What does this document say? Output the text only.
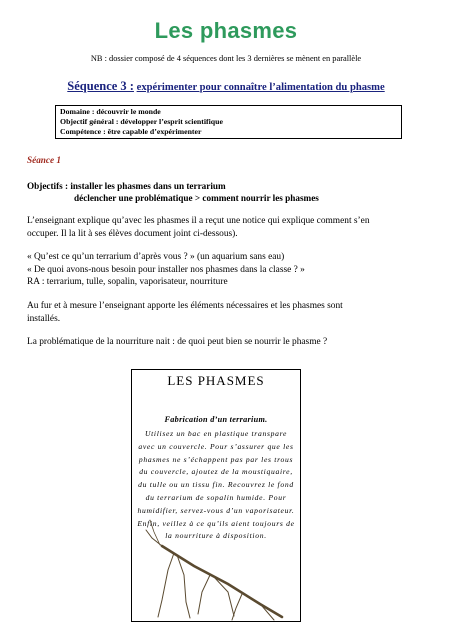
Les phasmes
NB : dossier composé de 4 séquences dont les 3 dernières se mènent en parallèle
Séquence 3 : expérimenter pour connaître l’alimentation du phasme
Domaine : découvrir le monde
Objectif général : développer l’esprit scientifique
Compétence : être capable d’expérimenter
Séance 1
Objectifs : installer les phasmes dans un terrarium
déclencher une problématique > comment nourrir les phasmes
L’enseignant explique qu’avec les phasmes il a reçut une notice qui explique comment s’en
occuper. Il la lit à ses élèves document joint ci-dessous).
« Qu’est ce qu’un terrarium d’après vous ? » (un aquarium sans eau)
« De quoi avons-nous besoin pour installer nos phasmes dans la classe ? »
RA : terrarium, tulle, sopalin, vaporisateur, nourriture
Au fur et à mesure l’enseignant apporte les éléments nécessaires et les phasmes sont
installés.
La problématique de la nourriture nait : de quoi peut bien se nourrir le phasme ?
LES PHASMES
Fabrication d’un terrarium.
Utilisez un bac en plastique transpare
avec un couvercle. Pour s’assurer que les
phasmes ne s’échappent pas par les trous
du couvercle, ajoutez de la moustiquaire,
du tulle ou un tissu fin. Recouvrez le fond
du terrarium de sopalin humide. Pour
humidifier, servez-vous d’un vaporisateur.
Enfin, veillez à ce qu’ils aient toujours de
la nourriture à disposition.
